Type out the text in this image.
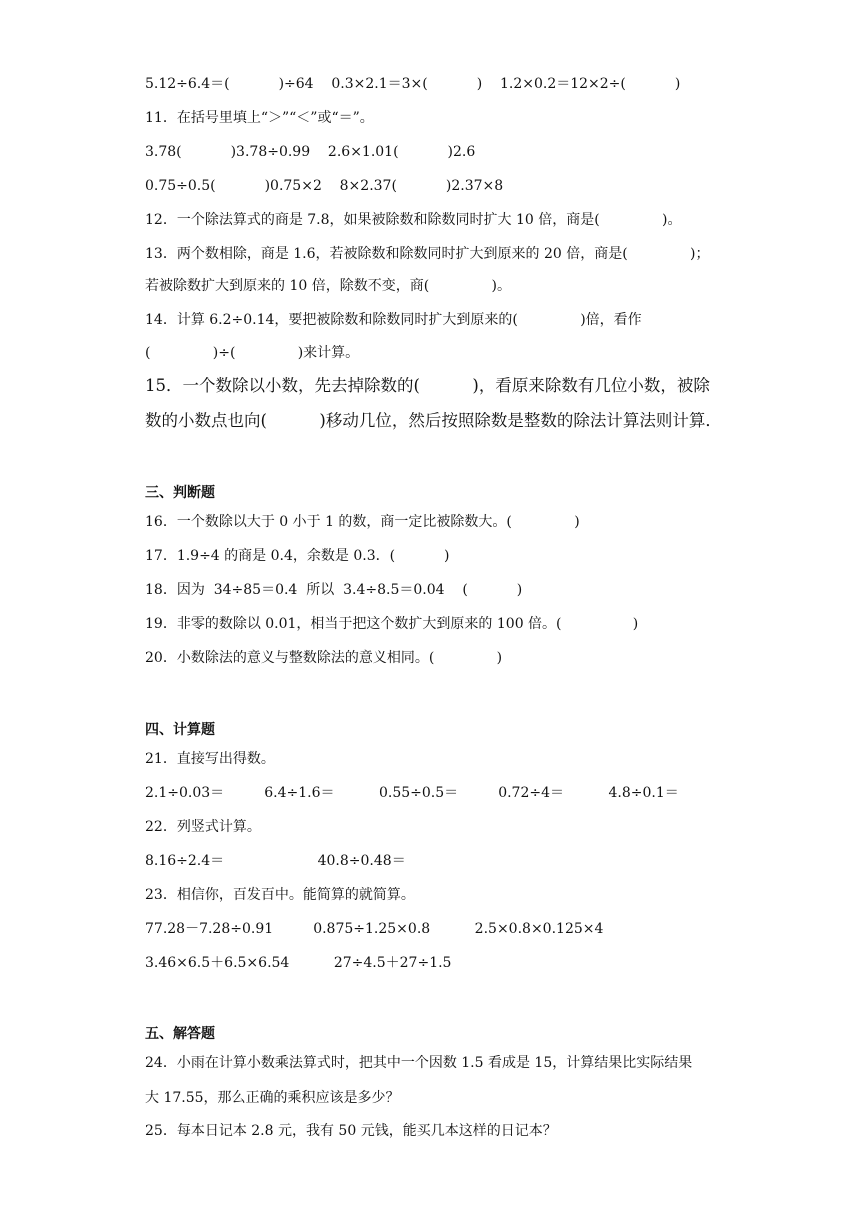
5.12÷6.4＝(           )÷64    0.3×2.1＝3×(           )    1.2×0.2＝12×2÷(           )
11．在括号里填上“＞”“＜”或“＝”。
3.78(           )3.78÷0.99    2.6×1.01(           )2.6
0.75÷0.5(           )0.75×2    8×2.37(           )2.37×8
12．一个除法算式的商是 7.8，如果被除数和除数同时扩大 10 倍，商是(              )。
13．两个数相除，商是 1.6，若被除数和除数同时扩大到原来的 20 倍，商是(              )；
若被除数扩大到原来的 10 倍，除数不变，商(              )。
14．计算 6.2÷0.14，要把被除数和除数同时扩大到原来的(              )倍，看作
(              )÷(              )来计算。
15．一个数除以小数，先去掉除数的(          )，看原来除数有几位小数，被除
数的小数点也向(          )移动几位，然后按照除数是整数的除法计算法则计算．
三、判断题
16．一个数除以大于 0 小于 1 的数，商一定比被除数大。(              )
17．1.9÷4 的商是 0.4，余数是 0.3．(           )
18．因为  34÷85＝0.4  所以  3.4÷8.5＝0.04    (           )
19．非零的数除以 0.01，相当于把这个数扩大到原来的 100 倍。(                )
20．小数除法的意义与整数除法的意义相同。(              )
四、计算题
21．直接写出得数。
2.1÷0.03＝         6.4÷1.6＝          0.55÷0.5＝         0.72÷4＝          4.8÷0.1＝
22．列竖式计算。
8.16÷2.4＝                     40.8÷0.48＝
23．相信你，百发百中。能简算的就简算。
77.28－7.28÷0.91         0.875÷1.25×0.8          2.5×0.8×0.125×4
3.46×6.5＋6.5×6.54          27÷4.5＋27÷1.5
五、解答题
24．小雨在计算小数乘法算式时，把其中一个因数 1.5 看成是 15，计算结果比实际结果
大 17.55，那么正确的乘积应该是多少？
25．每本日记本 2.8 元，我有 50 元钱，能买几本这样的日记本？
